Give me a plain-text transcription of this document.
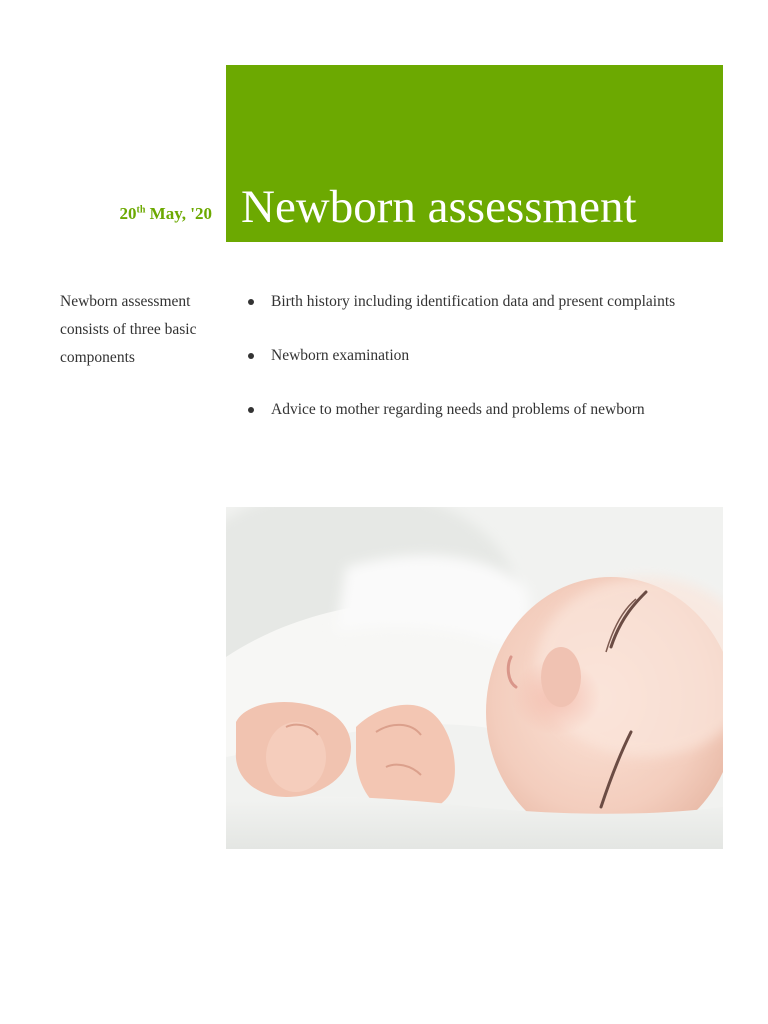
20th May, '20 Newborn assessment

Newborn assessment consists of three basic components

Birth history including identification data and present complaints
Newborn examination
Advice to mother regarding needs and problems of newborn
